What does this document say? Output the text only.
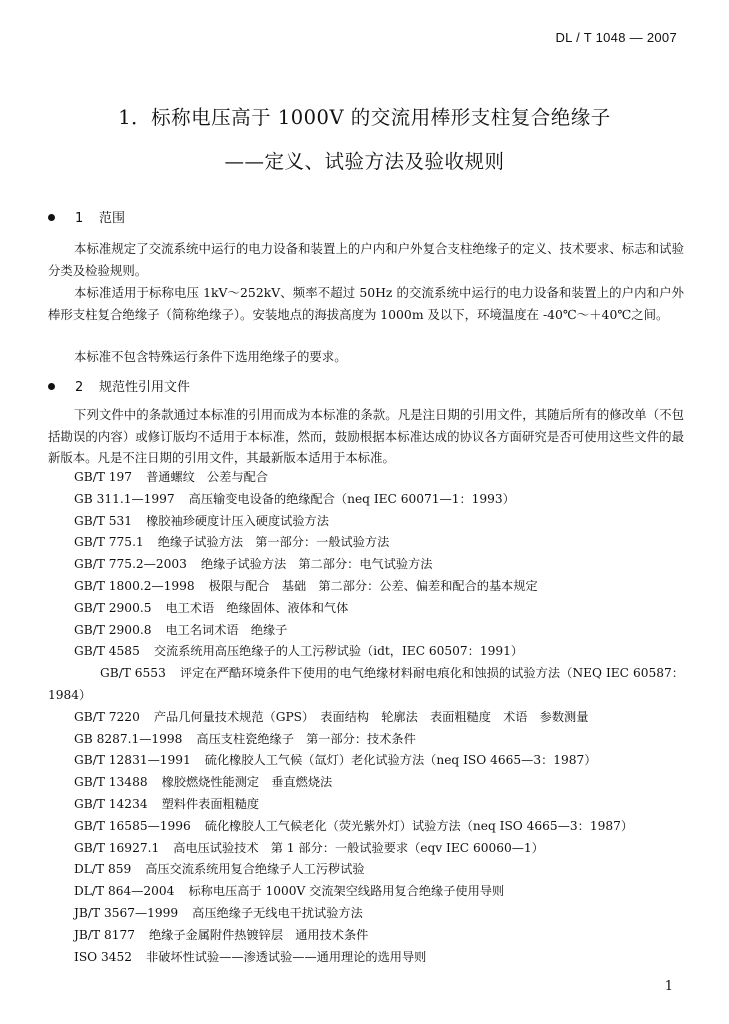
DL / T 1048 — 2007
1．标称电压高于 1000V 的交流用棒形支柱复合绝缘子
——定义、试验方法及验收规则
1 范围

本标准规定了交流系统中运行的电力设备和装置上的户内和户外复合支柱绝缘子的定义、技术要求、标志和试验分类及检验规则。

本标准适用于标称电压 1kV～252kV、频率不超过 50Hz 的交流系统中运行的电力设备和装置上的户内和户外棒形支柱复合绝缘子（简称绝缘子）。安装地点的海拔高度为 1000m 及以下，环境温度在 -40℃～＋40℃之间。

本标准不包含特殊运行条件下选用绝缘子的要求。

2 规范性引用文件

下列文件中的条款通过本标准的引用而成为本标准的条款。凡是注日期的引用文件，其随后所有的修改单（不包括勘误的内容）或修订版均不适用于本标准，然而，鼓励根据本标准达成的协议各方面研究是否可使用这些文件的最新版本。凡是不注日期的引用文件，其最新版本适用于本标准。

GB/T 197 普通螺纹　公差与配合
GB 311.1—1997 高压输变电设备的绝缘配合（neq IEC 60071—1：1993）
GB/T 531 橡胶袖珍硬度计压入硬度试验方法
GB/T 775.1 绝缘子试验方法　第一部分：一般试验方法
GB/T 775.2—2003 绝缘子试验方法　第二部分：电气试验方法
GB/T 1800.2—1998 极限与配合　基础　第二部分：公差、偏差和配合的基本规定
GB/T 2900.5 电工术语　绝缘固体、液体和气体
GB/T 2900.8 电工名词术语　绝缘子
GB/T 4585 交流系统用高压绝缘子的人工污秽试验（idt，IEC 60507：1991）
GB/T 6553 评定在严酷环境条件下使用的电气绝缘材料耐电痕化和蚀损的试验方法（NEQ IEC 60587：1984）
GB/T 7220 产品几何量技术规范（GPS）　表面结构　轮廓法　表面粗糙度　术语　参数测量
GB 8287.1—1998 高压支柱瓷绝缘子　第一部分：技术条件
GB/T 12831—1991 硫化橡胶人工气候（氙灯）老化试验方法（neq ISO 4665—3：1987）
GB/T 13488 橡胶燃烧性能测定　垂直燃烧法
GB/T 14234 塑料件表面粗糙度
GB/T 16585—1996 硫化橡胶人工气候老化（荧光紫外灯）试验方法（neq ISO 4665—3：1987）
GB/T 16927.1 高电压试验技术　第 1 部分：一般试验要求（eqv IEC 60060—1）
DL/T 859 高压交流系统用复合绝缘子人工污秽试验
DL/T 864—2004 标称电压高于 1000V 交流架空线路用复合绝缘子使用导则
JB/T 3567—1999 高压绝缘子无线电干扰试验方法
JB/T 8177 绝缘子金属附件热镀锌层　通用技术条件
ISO 3452 非破坏性试验——渗透试验——通用理论的选用导则
1
